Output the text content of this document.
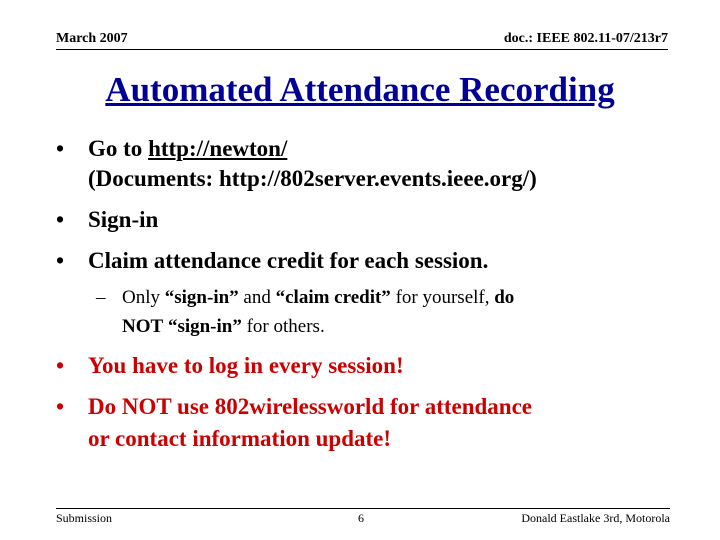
March 2007	doc.: IEEE 802.11-07/213r7
Automated Attendance Recording
• Go to http://newton/
(Documents: http://802server.events.ieee.org/)
• Sign-in
• Claim attendance credit for each session.
– Only “sign-in” and “claim credit” for yourself, do
NOT “sign-in” for others.
• You have to log in every session!
• Do NOT use 802wirelessworld for attendance
or contact information update!
Submission	6	Donald Eastlake 3rd, Motorola
